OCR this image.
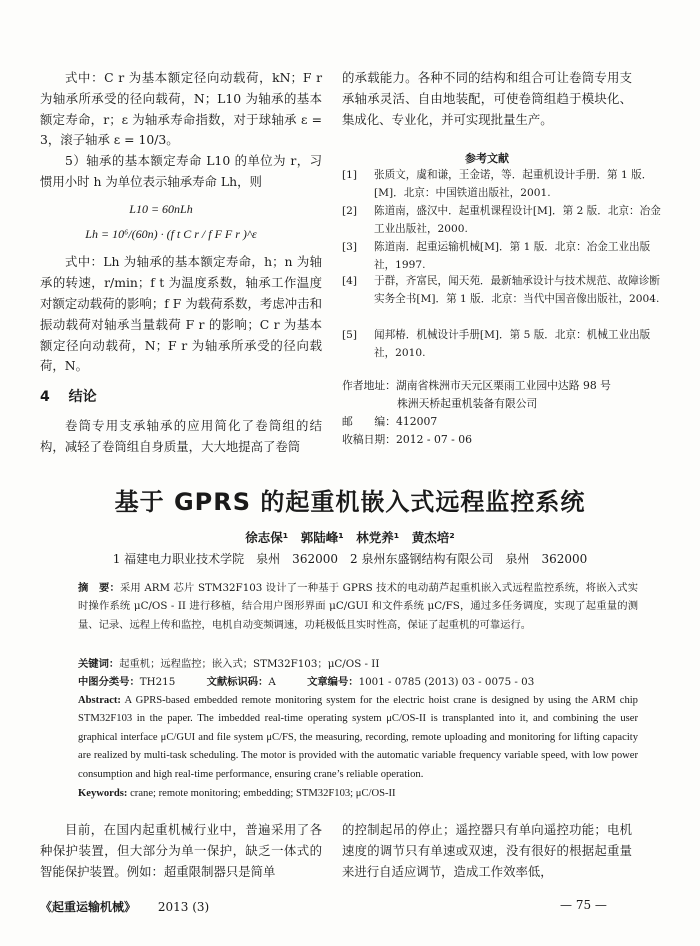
式中：C r 为基本额定径向动载荷，kN；F r 为轴承所承受的径向载荷，N；L10 为轴承的基本额定寿命，r；ε 为轴承寿命指数，对于球轴承 ε = 3，滚子轴承 ε = 10/3。

5）轴承的基本额定寿命 L10 的单位为 r，习惯用小时 h 为单位表示轴承寿命 Lh，则

L10 = 60nLh
Lh = 10⁶/(60n) · (f t C r / f F F r )^ε

式中：Lh 为轴承的基本额定寿命，h；n 为轴承的转速，r/min；f t 为温度系数，轴承工作温度对额定动载荷的影响；f F 为载荷系数，考虑冲击和振动载荷对轴承当量载荷 F r 的影响；C r 为基本额定径向动载荷，N；F r 为轴承所承受的径向载荷，N。

4 结论

卷筒专用支承轴承的应用简化了卷筒组的结构，减轻了卷筒组自身质量，大大地提高了卷筒

的承载能力。各种不同的结构和组合可让卷筒专用支承轴承灵活、自由地装配，可使卷筒组趋于模块化、集成化、专业化，并可实现批量生产。

参考文献
[1] 张质文，虞和谦，王金诺，等．起重机设计手册．第 1 版．[M]．北京：中国铁道出版社，2001.
[2] 陈道南，盛汉中．起重机课程设计[M]．第 2 版．北京：冶金工业出版社，2000.
[3] 陈道南．起重运输机械[M]．第 1 版．北京：冶金工业出版社，1997.
[4] 于群，齐富民，闻天苑．最新轴承设计与技术规范、故障诊断实务全书[M]．第 1 版．北京：当代中国音像出版社，2004.
[5] 闻邦椿．机械设计手册[M]．第 5 版．北京：机械工业出版社，2010.
作者地址：湖南省株洲市天元区栗雨工业园中达路 98 号
株洲天桥起重机装备有限公司
邮　　编：412007
收稿日期：2012 - 07 - 06
基于 GPRS 的起重机嵌入式远程监控系统
徐志保¹　郭陆峰¹　林党养¹　黄杰培²
1 福建电力职业技术学院　泉州　362000　2 泉州东盛钢结构有限公司　泉州　362000
摘　要：采用 ARM 芯片 STM32F103 设计了一种基于 GPRS 技术的电动葫芦起重机嵌入式远程监控系统，将嵌入式实时操作系统 μC/OS - II 进行移植，结合用户图形界面 μC/GUI 和文件系统 μC/FS，通过多任务调度，实现了起重量的测量、记录、远程上传和监控，电机自动变频调速，功耗极低且实时性高，保证了起重机的可靠运行。
关键词：起重机；远程监控；嵌入式；STM32F103；μC/OS - II
中图分类号：TH215	文献标识码：A	文章编号：1001 - 0785 (2013) 03 - 0075 - 03
Abstract: A GPRS-based embedded remote monitoring system for the electric hoist crane is designed by using the ARM chip STM32F103 in the paper. The imbedded real-time operating system μC/OS-II is transplanted into it, and combining the user graphical interface μC/GUI and file system μC/FS, the measuring, recording, remote uploading and monitoring for lifting capacity are realized by multi-task scheduling. The motor is provided with the automatic variable frequency variable speed, with low power consumption and high real-time performance, ensuring crane’s reliable operation.
Keywords: crane; remote monitoring; embedding; STM32F103; μC/OS-II

目前，在国内起重机械行业中，普遍采用了各种保护装置，但大部分为单一保护，缺乏一体式的智能保护装置。例如：超重限制器只是简单

的控制起吊的停止；遥控器只有单向遥控功能；电机速度的调节只有单速或双速，没有很好的根据起重量来进行自适应调节，造成工作效率低，

《起重运输机械》 2013 (3)	— 75 —
